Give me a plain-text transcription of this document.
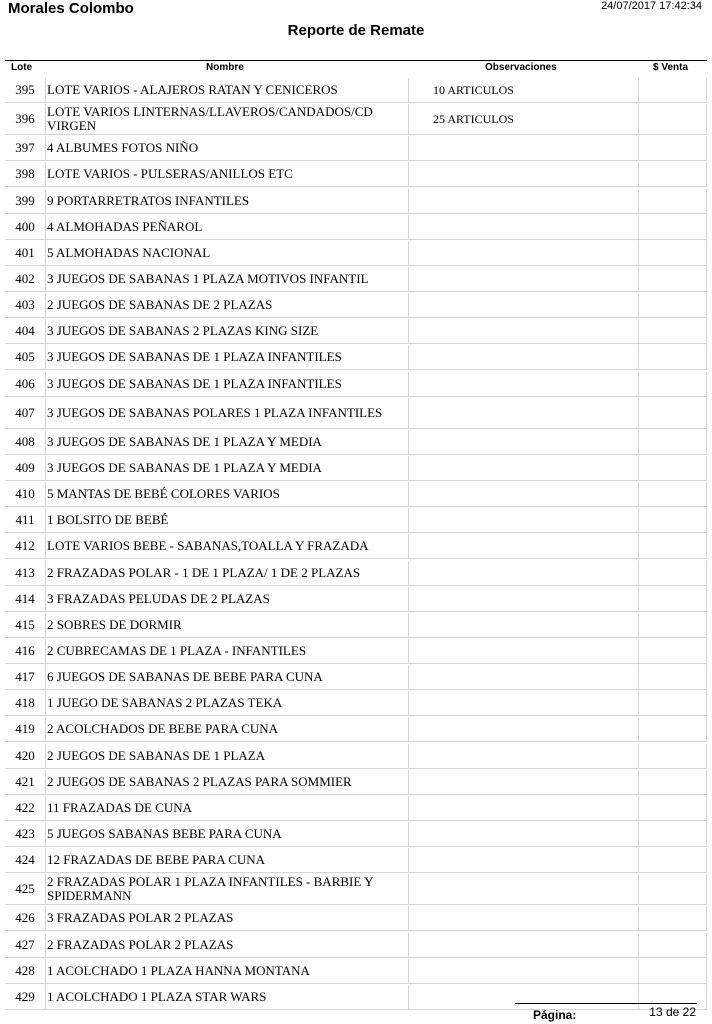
Morales Colombo	24/07/2017 17:42:34
Reporte de Remate
Lote	Nombre	Observaciones	$ Venta
395 LOTE VARIOS - ALAJEROS RATAN Y CENICEROS	10 ARTICULOS
396 LOTE VARIOS LINTERNAS/LLAVEROS/CANDADOS/CD VIRGEN	25 ARTICULOS
397 4 ALBUMES FOTOS NIÑO
398 LOTE VARIOS - PULSERAS/ANILLOS ETC
399 9 PORTARRETRATOS INFANTILES
400 4 ALMOHADAS PEÑAROL
401 5 ALMOHADAS NACIONAL
402 3 JUEGOS DE SABANAS 1 PLAZA MOTIVOS INFANTIL
403 2 JUEGOS DE SABANAS DE 2 PLAZAS
404 3 JUEGOS DE SABANAS 2 PLAZAS KING SIZE
405 3 JUEGOS DE SABANAS DE 1 PLAZA INFANTILES
406 3 JUEGOS DE SABANAS DE 1 PLAZA INFANTILES
407 3 JUEGOS DE SABANAS POLARES 1 PLAZA INFANTILES
408 3 JUEGOS DE SABANAS DE 1 PLAZA Y MEDIA
409 3 JUEGOS DE SABANAS DE 1 PLAZA Y MEDIA
410 5 MANTAS DE BEBÉ COLORES VARIOS
411 1 BOLSITO DE BEBÉ
412 LOTE VARIOS BEBE - SABANAS,TOALLA Y FRAZADA
413 2 FRAZADAS POLAR - 1 DE 1 PLAZA/ 1 DE 2 PLAZAS
414 3 FRAZADAS PELUDAS DE 2 PLAZAS
415 2 SOBRES DE DORMIR
416 2 CUBRECAMAS DE 1 PLAZA - INFANTILES
417 6 JUEGOS DE SABANAS DE BEBE PARA CUNA
418 1 JUEGO DE SABANAS 2 PLAZAS TEKA
419 2 ACOLCHADOS DE BEBE PARA CUNA
420 2 JUEGOS DE SABANAS DE 1 PLAZA
421 2 JUEGOS DE SABANAS 2 PLAZAS PARA SOMMIER
422 11 FRAZADAS DE CUNA
423 5 JUEGOS SABANAS BEBE PARA CUNA
424 12 FRAZADAS DE BEBE PARA CUNA
425 2 FRAZADAS POLAR 1 PLAZA INFANTILES - BARBIE Y SPIDERMANN
426 3 FRAZADAS POLAR 2 PLAZAS
427 2 FRAZADAS POLAR 2 PLAZAS
428 1 ACOLCHADO 1 PLAZA HANNA MONTANA
429 1 ACOLCHADO 1 PLAZA STAR WARS
Página:	13 de 22
